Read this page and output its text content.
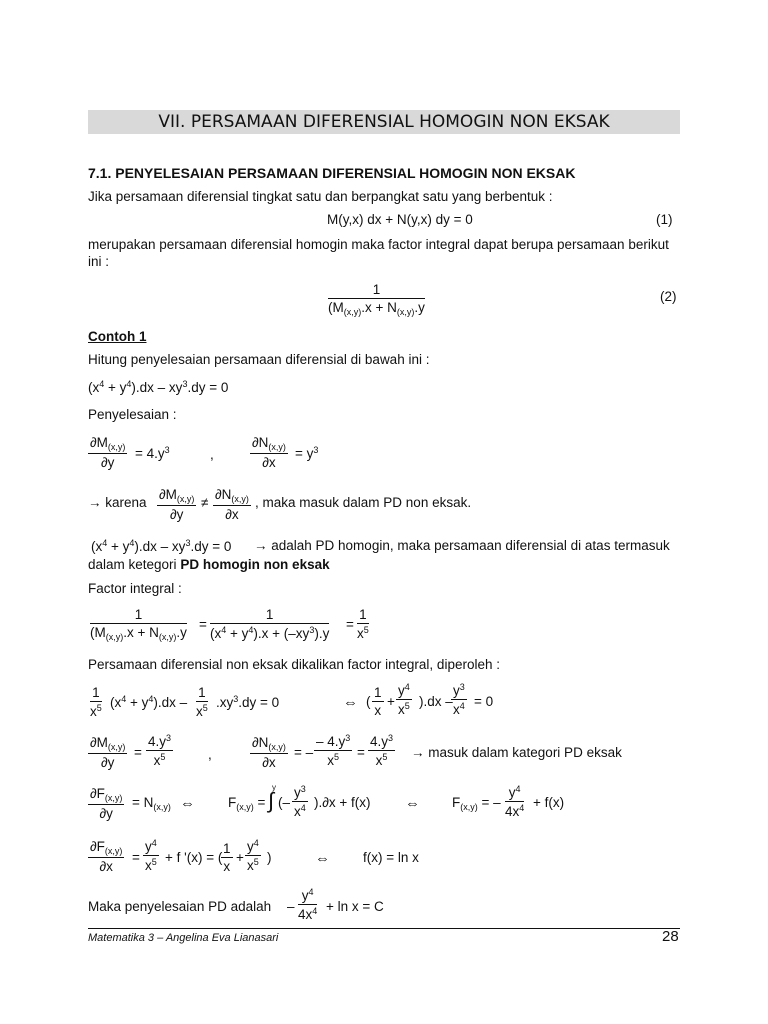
VII. PERSAMAAN DIFERENSIAL HOMOGIN NON EKSAK
7.1. PENYELESAIAN PERSAMAAN DIFERENSIAL HOMOGIN NON EKSAK
Jika persamaan diferensial tingkat satu dan berpangkat satu yang berbentuk :
M(y,x) dx + N(y,x) dy = 0	(1)
merupakan persamaan diferensial homogin maka factor integral dapat berupa persamaan berikut
ini :
$\frac{1}{(M_{(x,y)}.x + N_{(x,y)}.y}$	(2)
Contoh 1
Hitung penyelesaian persamaan diferensial di bawah ini :
$(x^4 + y^4).dx - xy^3.dy = 0$
Penyelesaian :
$\frac{\partial M_{(x,y)}}{\partial y} = 4.y^3$	,	$\frac{\partial N_{(x,y)}}{\partial x} = y^3$
→ karena $\frac{\partial M_{(x,y)}}{\partial y} \ne \frac{\partial N_{(x,y)}}{\partial x}$ , maka masuk dalam PD non eksak.
$(x^4 + y^4).dx - xy^3.dy = 0$ → adalah PD homogin, maka persamaan diferensial di atas termasuk
dalam ketegori PD homogin non eksak
Factor integral :
$\frac{1}{(M_{(x,y)}.x + N_{(x,y)}.y} = \frac{1}{(x^4 + y^4).x + (-xy^3).y} = \frac{1}{x^5}$
Persamaan diferensial non eksak dikalikan factor integral, diperoleh :
$\frac{1}{x^5} (x^4 + y^4).dx - \frac{1}{x^5} .xy^3.dy = 0$	⇔ ( $\frac{1}{x} + \frac{y^4}{x^5} ).dx$ –
$\frac{y^3}{x^4} = 0$
$\frac{\partial M_{(x,y)}}{\partial y} = \frac{4.y^3}{x^5}$	,	$\frac{\partial N_{(x,y)}}{\partial x}$ = – $\frac{- 4.y^3}{x^5} = \frac{4.y^3}{x^5}$ → masuk dalam kategori PD eksak
$\frac{\partial F_{(x,y)}}{\partial y} = N_{(x,y)}$ ⇔ $F_{(x,y)}$ =
y
∫ (– $\frac{y^3}{x^4} ).\partial x + f(x)$ ⇔ $F_{(x,y)}$ = – $\frac{y^4}{4x^4} + f(x)$
$\frac{\partial F_{(x,y)}}{\partial x} = \frac{y^4}{x^5} + f$ '(x) = (
$\frac{1}{x} + \frac{y^4}{x^5}$ )	⇔ f(x) = ln x
Maka penyelesaian PD adalah – $\frac{y^4}{4x^4} + \ln x = C$
Matematika 3 – Angelina Eva Lianasari	28
